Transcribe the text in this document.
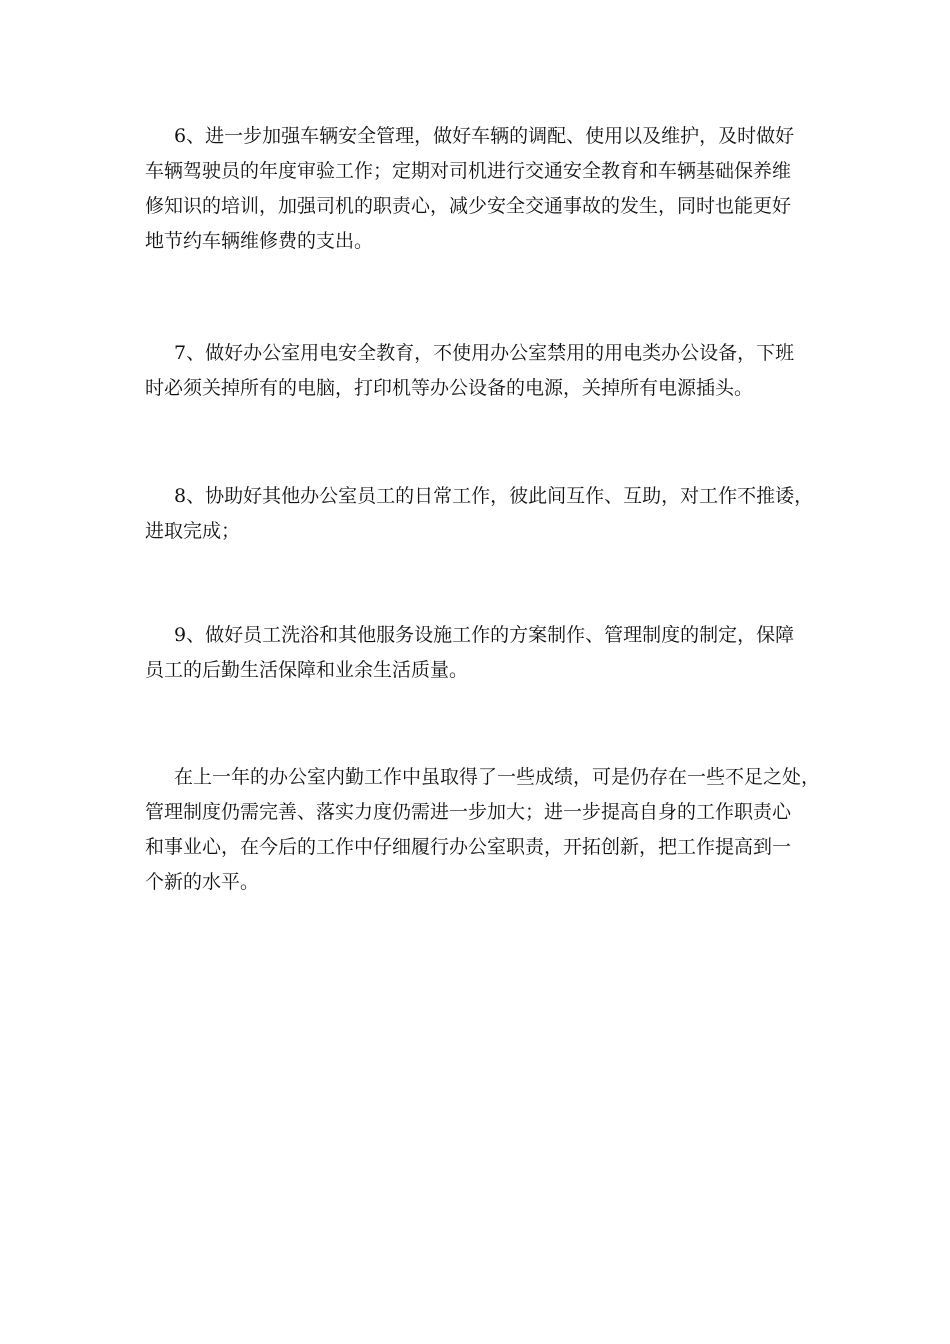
6、进一步加强车辆安全管理，做好车辆的调配、使用以及维护，及时做好

车辆驾驶员的年度审验工作；定期对司机进行交通安全教育和车辆基础保养维

修知识的培训，加强司机的职责心，减少安全交通事故的发生，同时也能更好

地节约车辆维修费的支出。

7、做好办公室用电安全教育，不使用办公室禁用的用电类办公设备，下班

时必须关掉所有的电脑，打印机等办公设备的电源，关掉所有电源插头。

8、协助好其他办公室员工的日常工作，彼此间互作、互助，对工作不推诿，

进取完成；

9、做好员工洗浴和其他服务设施工作的方案制作、管理制度的制定，保障

员工的后勤生活保障和业余生活质量。

在上一年的办公室内勤工作中虽取得了一些成绩，可是仍存在一些不足之处，

管理制度仍需完善、落实力度仍需进一步加大；进一步提高自身的工作职责心

和事业心，在今后的工作中仔细履行办公室职责，开拓创新，把工作提高到一

个新的水平。
